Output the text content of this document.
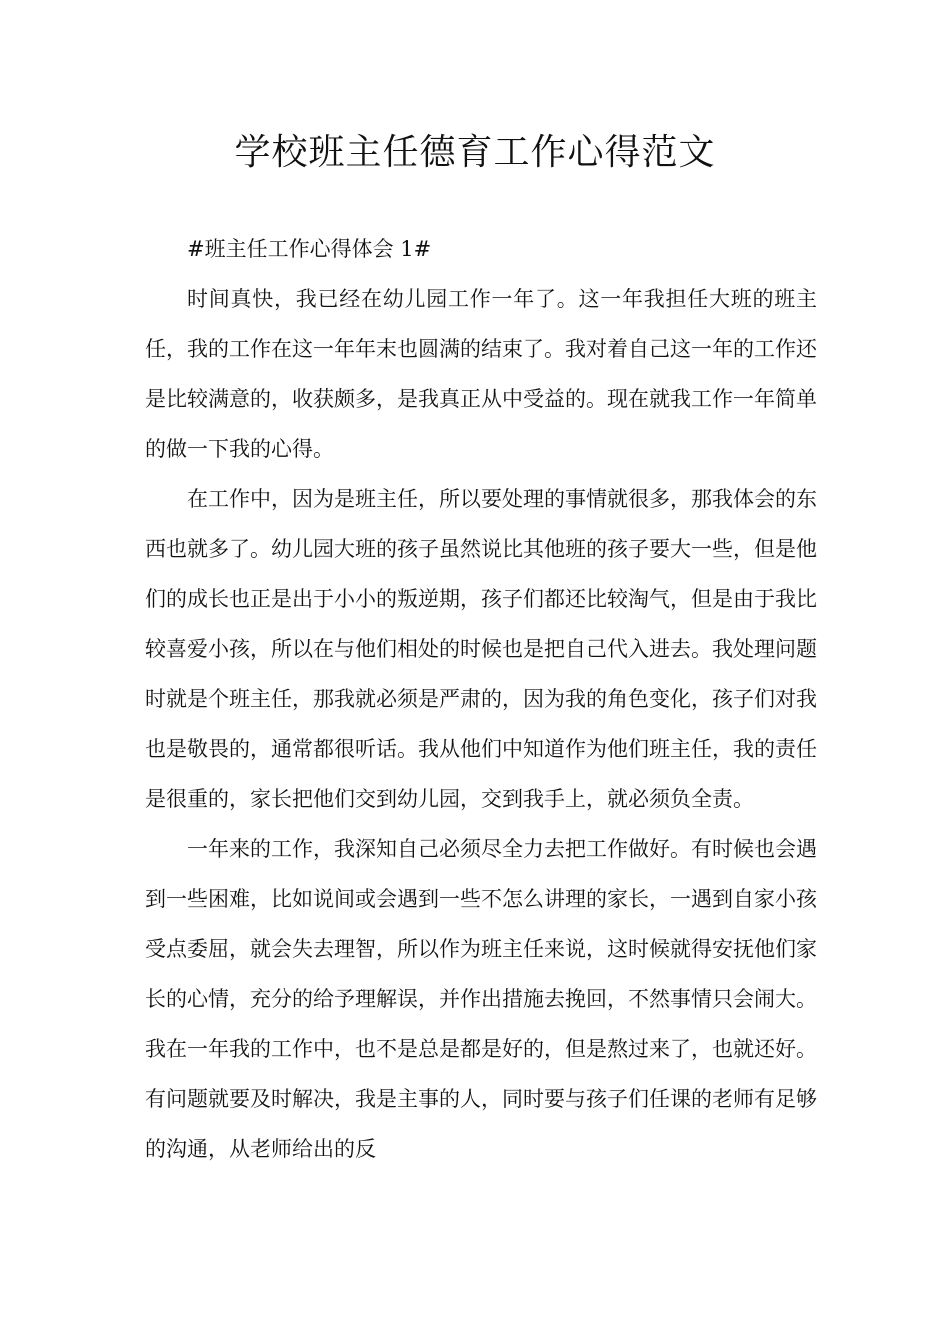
学校班主任德育工作心得范文

#班主任工作心得体会 1#

时间真快，我已经在幼儿园工作一年了。这一年我担任大班的班主任，我的工作在这一年年末也圆满的结束了。我对着自己这一年的工作还是比较满意的，收获颇多，是我真正从中受益的。现在就我工作一年简单的做一下我的心得。

在工作中，因为是班主任，所以要处理的事情就很多，那我体会的东西也就多了。幼儿园大班的孩子虽然说比其他班的孩子要大一些，但是他们的成长也正是出于小小的叛逆期，孩子们都还比较淘气，但是由于我比较喜爱小孩，所以在与他们相处的时候也是把自己代入进去。我处理问题时就是个班主任，那我就必须是严肃的，因为我的角色变化，孩子们对我也是敬畏的，通常都很听话。我从他们中知道作为他们班主任，我的责任是很重的，家长把他们交到幼儿园，交到我手上，就必须负全责。

一年来的工作，我深知自己必须尽全力去把工作做好。有时候也会遇到一些困难，比如说间或会遇到一些不怎么讲理的家长，一遇到自家小孩受点委屈，就会失去理智，所以作为班主任来说，这时候就得安抚他们家长的心情，充分的给予理解误，并作出措施去挽回，不然事情只会闹大。我在一年我的工作中，也不是总是都是好的，但是熬过来了，也就还好。有问题就要及时解决，我是主事的人，同时要与孩子们任课的老师有足够的沟通，从老师给出的反
